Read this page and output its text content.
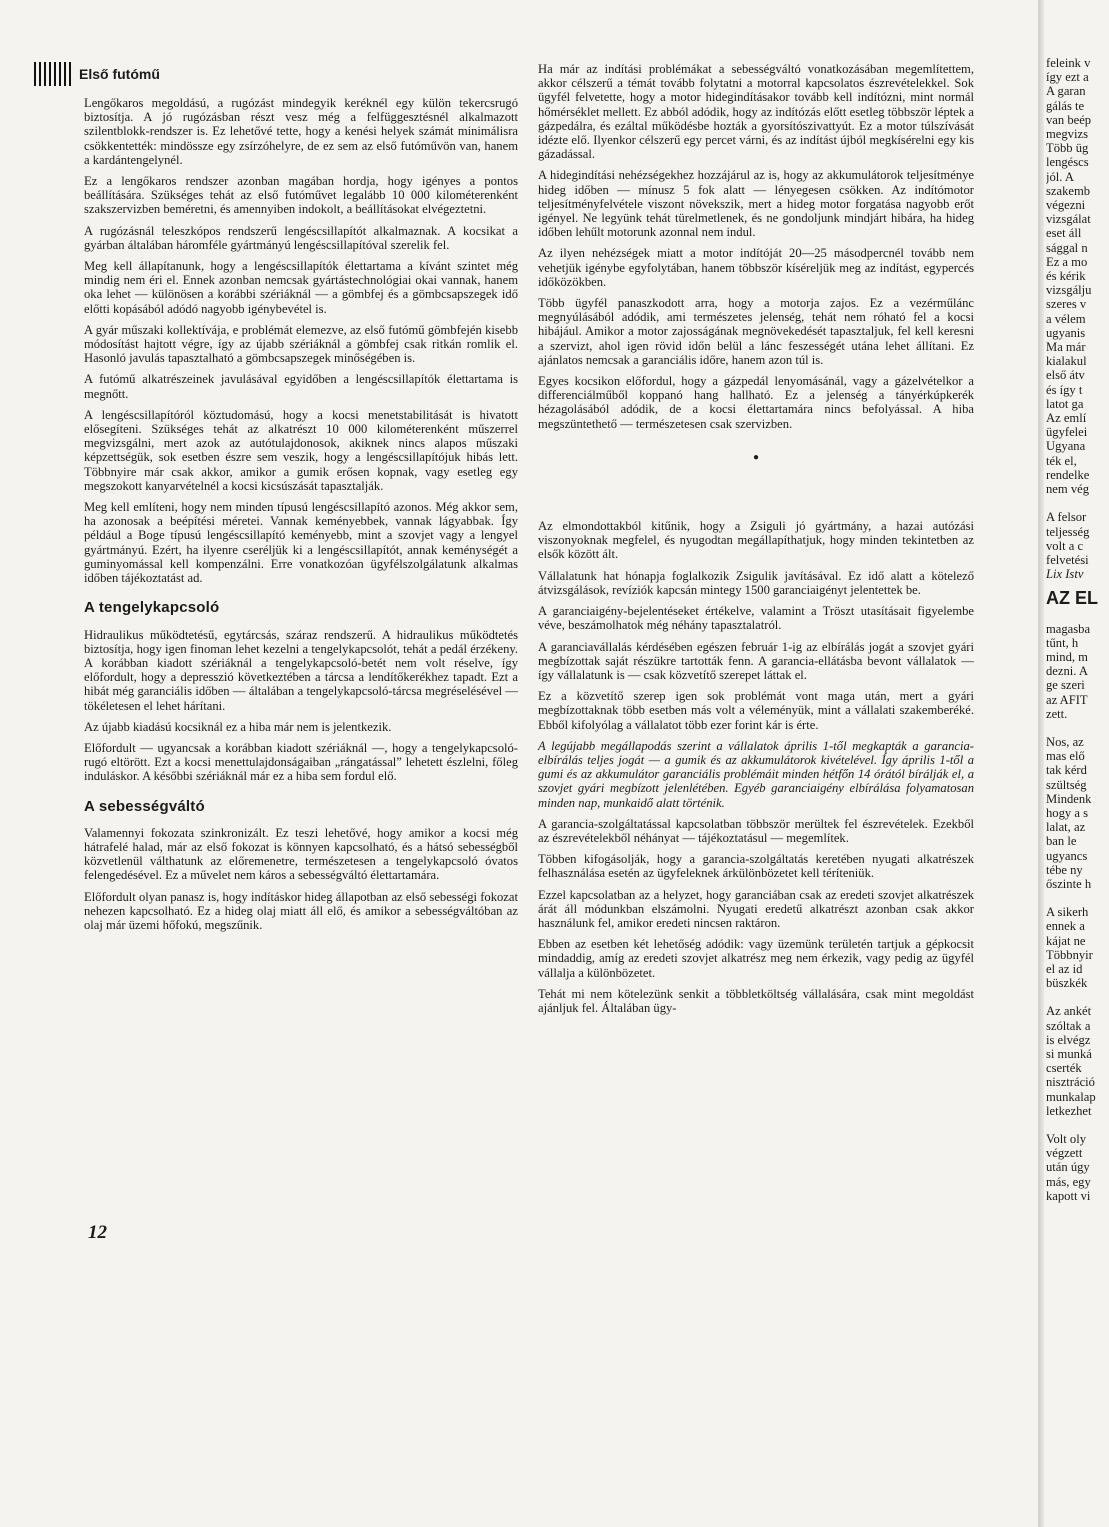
Első futómű

Lengőkaros megoldású, a rugózást mindegyik keréknél egy külön tekercsrugó biztosítja. A jó rugózásban részt vesz még a felfüggesztésnél alkalmazott szilentblokk-rendszer is. Ez lehetővé tette, hogy a kenési helyek számát minimálisra csökkentették: mindössze egy zsírzóhelyre, de ez sem az első futóművön van, hanem a kardántengelynél.

Ez a lengőkaros rendszer azonban magában hordja, hogy igényes a pontos beállítására. Szükséges tehát az első futóművet legalább 10 000 kilométerenként szakszervizben beméretni, és amennyiben indokolt, a beállításokat elvégeztetni.

A rugózásnál teleszkópos rendszerű lengéscsillapítót alkalmaznak. A kocsikat a gyárban általában háromféle gyártmányú lengéscsillapítóval szerelik fel.

Meg kell állapítanunk, hogy a lengéscsillapítók élettartama a kívánt szintet még mindig nem éri el. Ennek azonban nemcsak gyártástechnológiai okai vannak, hanem oka lehet — különösen a korábbi szériáknál — a gömbfej és a gömbcsapszegek idő előtti kopásából adódó nagyobb igénybevétel is.

A gyár műszaki kollektívája, e problémát elemezve, az első futómű gömbfején kisebb módosítást hajtott végre, így az újabb szériáknál a gömbfej csak ritkán romlik el. Hasonló javulás tapasztalható a gömbcsapszegek minőségében is.

A futómű alkatrészeinek javulásával egyidőben a lengéscsillapítók élettartama is megnőtt.

A lengéscsillapítóról köztudomású, hogy a kocsi menetstabilitását is hivatott elősegíteni. Szükséges tehát az alkatrészt 10 000 kilométerenként műszerrel megvizsgálni, mert azok az autótulajdonosok, akiknek nincs alapos műszaki képzettségük, sok esetben észre sem veszik, hogy a lengéscsillapítójuk hibás lett. Többnyire már csak akkor, amikor a gumik erősen kopnak, vagy esetleg egy megszokott kanyarvételnél a kocsi kicsúszását tapasztalják.

Meg kell említeni, hogy nem minden típusú lengéscsillapító azonos. Még akkor sem, ha azonosak a beépítési méretei. Vannak keményebbek, vannak lágyabbak. Így például a Boge típusú lengéscsillapító keményebb, mint a szovjet vagy a lengyel gyártmányú. Ezért, ha ilyenre cseréljük ki a lengéscsillapítót, annak keménységét a guminyomással kell kompenzálni. Erre vonatkozóan ügyfélszolgálatunk alkalmas időben tájékoztatást ad.

A tengelykapcsoló

Hidraulikus működtetésű, egytárcsás, száraz rendszerű. A hidraulikus működtetés biztosítja, hogy igen finoman lehet kezelni a tengelykapcsolót, tehát a pedál érzékeny. A korábban kiadott szériáknál a tengelykapcsoló-betét nem volt réselve, így előfordult, hogy a depresszió következtében a tárcsa a lendítőkerékhez tapadt. Ezt a hibát még garanciális időben — általában a tengelykapcsoló-tárcsa megréselésével — tökéletesen el lehet hárítani.

Az újabb kiadású kocsiknál ez a hiba már nem is jelentkezik.

Előfordult — ugyancsak a korábban kiadott szériáknál —, hogy a tengelykapcsoló-rugó eltörött. Ezt a kocsi menettulajdonságaiban „rángatással” lehetett észlelni, főleg induláskor. A későbbi szériáknál már ez a hiba sem fordul elő.

A sebességváltó

Valamennyi fokozata szinkronizált. Ez teszi lehetővé, hogy amikor a kocsi még hátrafelé halad, már az első fokozat is könnyen kapcsolható, és a hátsó sebességből közvetlenül válthatunk az előremenetre, természetesen a tengelykapcsoló óvatos felengedésével. Ez a művelet nem káros a sebességváltó élettartamára.

Előfordult olyan panasz is, hogy indításkor hideg állapotban az első sebességi fokozat nehezen kapcsolható. Ez a hideg olaj miatt áll elő, és amikor a sebességváltóban az olaj már üzemi hőfokú, megszűnik.

Ha már az indítási problémákat a sebességváltó vonatkozásában megemlítettem, akkor célszerű a témát tovább folytatni a motorral kapcsolatos észrevételekkel. Sok ügyfél felvetette, hogy a motor hidegindításakor tovább kell indítózni, mint normál hőmérséklet mellett. Ez abból adódik, hogy az indítózás előtt esetleg többször léptek a gázpedálra, és ezáltal működésbe hozták a gyorsítószivattyút. Ez a motor túlszívását idézte elő. Ilyenkor célszerű egy percet várni, és az indítást újból megkísérelni egy kis gázadással.

A hidegindítási nehézségekhez hozzájárul az is, hogy az akkumulátorok teljesítménye hideg időben — mínusz 5 fok alatt — lényegesen csökken. Az indítómotor teljesítményfelvétele viszont növekszik, mert a hideg motor forgatása nagyobb erőt igényel. Ne legyünk tehát türelmetlenek, és ne gondoljunk mindjárt hibára, ha hideg időben lehűlt motorunk azonnal nem indul.

Az ilyen nehézségek miatt a motor indítóját 20—25 másodpercnél tovább nem vehetjük igénybe egyfolytában, hanem többször kíséreljük meg az indítást, egypercés időközökben.

Több ügyfél panaszkodott arra, hogy a motorja zajos. Ez a vezérműlánc megnyúlásából adódik, ami természetes jelenség, tehát nem róható fel a kocsi hibájául. Amikor a motor zajosságának megnövekedését tapasztaljuk, fel kell keresni a szervizt, ahol igen rövid időn belül a lánc feszességét utána lehet állítani. Ez ajánlatos nemcsak a garanciális időre, hanem azon túl is.

Egyes kocsikon előfordul, hogy a gázpedál lenyomásánál, vagy a gázelvételkor a differenciálműből koppanó hang hallható. Ez a jelenség a tányérkúpkerék hézagolásából adódik, de a kocsi élettartamára nincs befolyással. A hiba megszüntethető — természetesen csak szervizben.

●

Az elmondottakból kitűnik, hogy a Zsiguli jó gyártmány, a hazai autózási viszonyoknak megfelel, és nyugodtan megállapíthatjuk, hogy minden tekintetben az elsők között ált.

Vállalatunk hat hónapja foglalkozik Zsigulik javításával. Ez idő alatt a kötelező átvizsgálások, revíziók kapcsán mintegy 1500 garanciaigényt jelentettek be.

A garanciaigény-bejelentéseket értékelve, valamint a Tröszt utasításait figyelembe véve, beszámolhatok még néhány tapasztalatról.

A garanciavállalás kérdésében egészen február 1-ig az elbírálás jogát a szovjet gyári megbízottak saját részükre tartották fenn. A garancia-ellátásba bevont vállalatok — így vállalatunk is — csak közvetítő szerepet láttak el.

Ez a közvetítő szerep igen sok problémát vont maga után, mert a gyári megbízottaknak több esetben más volt a véleményük, mint a vállalati szakemberéké. Ebből kifolyólag a vállalatot több ezer forint kár is érte.

A legújabb megállapodás szerint a vállalatok április 1-től megkapták a garancia-elbírálás teljes jogát — a gumik és az akkumulátorok kivételével. Így április 1-től a gumi és az akkumulátor garanciális problémáit minden hétfőn 14 órától bírálják el, a szovjet gyári megbízott jelenlétében. Egyéb garanciaigény elbírálása folyamatosan minden nap, munkaidő alatt történik.

A garancia-szolgáltatással kapcsolatban többször merültek fel észrevételek. Ezekből az észrevételekből néhányat — tájékoztatásul — megemlítek.

Többen kifogásolják, hogy a garancia-szolgáltatás keretében nyugati alkatrészek felhasználása esetén az ügyfeleknek árkülönbözetet kell téríteniük.

Ezzel kapcsolatban az a helyzet, hogy garanciában csak az eredeti szovjet alkatrészek árát áll módunkban elszámolni. Nyugati eredetű alkatrészt azonban csak akkor használunk fel, amikor eredeti nincsen raktáron.

Ebben az esetben két lehetőség adódik: vagy üzemünk területén tartjuk a gépkocsit mindaddig, amíg az eredeti szovjet alkatrész meg nem érkezik, vagy pedig az ügyfél vállalja a különbözetet.

Tehát mi nem kötelezünk senkit a többletköltség vállalására, csak mint megoldást ajánljuk fel. Általában ügy-

feleink v
ígу ezt a
A garan
gálás te
van beép
megvizs
Több üg
lengéscs
jól. A
szakemb
végezni
vizsgálat
eset áll
sággal n
Ez a mo
és kérik
vizsgálju
szeres v
a vélem
ugyanis
Ma már
kialakul
első átv
és így t
latot ga
Az emlí
ügyfelei
Ugyana
ték el,
rendelke
nem vég
A felsor
teljesség
volt a c
felvetési
Lix Istv
AZ EL
magasba
tűnt, h
mind, m
dezni. A
ge szeri
az AFIT
zett.
Nos, az
mas elő
tak kérd
szültség
Mindenk
hogy a s
lalat, az
ban le
ugyancs
tébe ny
őszinte h
A sikerh
ennek a
kájat ne
Többnyir
el az id
büszkék
Az ankét
szóltak a
is elvégz
si munká
cserték
nisztráció
munkalap
letkezhet
Volt oly
végzett
után úgy
más, egy
kapott vi
12
